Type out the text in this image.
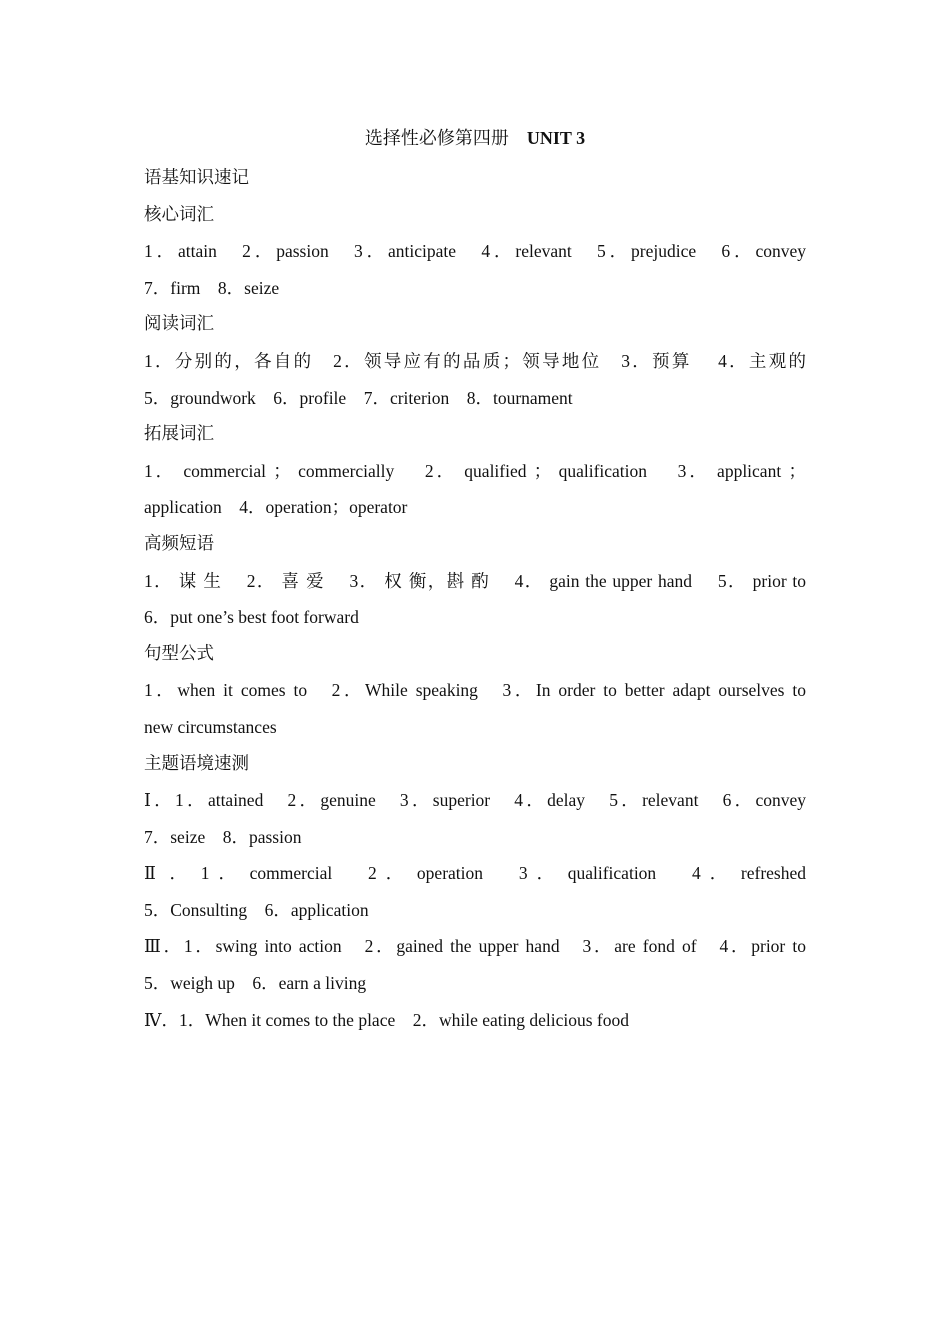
选择性必修第四册 UNIT 3
语基知识速记
核心词汇
1．attain　2．passion　3．anticipate　4．relevant　5．prejudice　6．convey
7．firm　8．seize
阅读词汇
1．分别的，各自的　2．领导应有的品质；领导地位　3．预算　 4．主观的
5．groundwork　6．profile　7．criterion　8．tournament
拓展词汇
1． commercial ； commercially　 2． qualified ； qualification　 3． applicant ；
application　4．operation；operator
高频短语
1． 谋 生　 2． 喜 爱　 3． 权 衡，斟 酌　 4． gain the upper hand　 5． prior to
6．put one’s best foot forward
句型公式
1．when it comes to　2．While speaking　3．In order to better adapt ourselves to
new circumstances
主题语境速测
Ⅰ．1．attained　2．genuine　3．superior　4．delay　5．relevant　6．convey
7．seize　8．passion
Ⅱ ． 1 ． commercial　 2 ． operation　 3 ． qualification　 4 ． refreshed
5．Consulting　6．application
Ⅲ．1．swing into action　2．gained the upper hand　3．are fond of　4．prior to
5．weigh up　6．earn a living
Ⅳ．1．When it comes to the place　2．while eating delicious food
